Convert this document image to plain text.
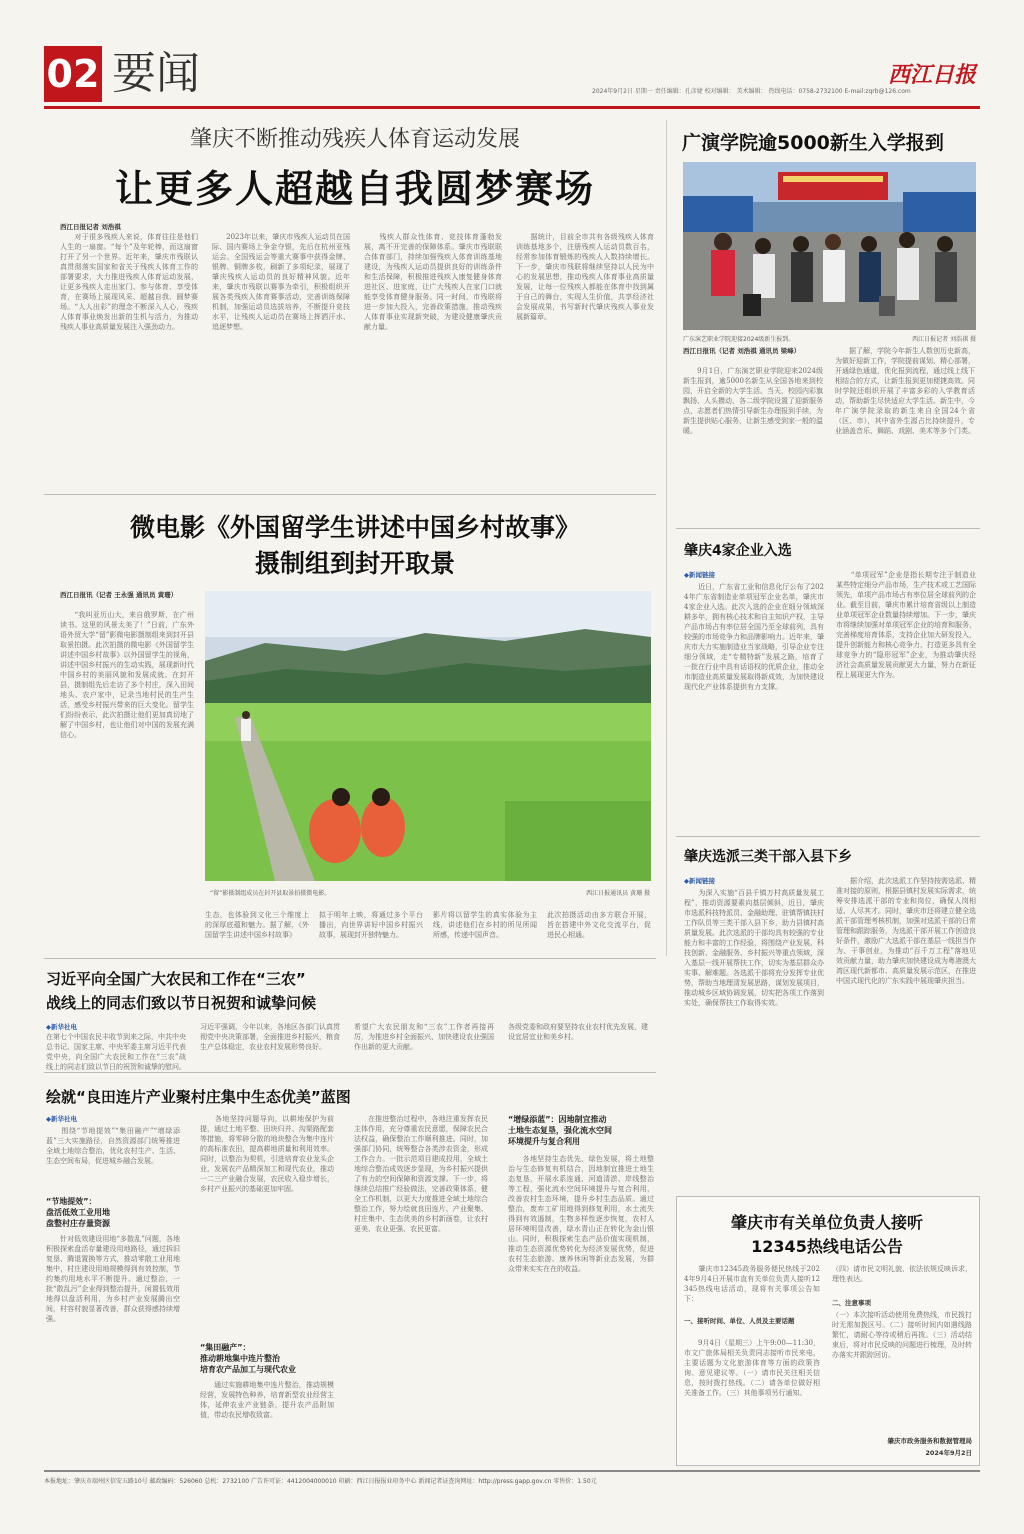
02 要闻	2024年9月2日 星期一 责任编辑：孔彦婕 校对编辑： 美术编辑： 热线电话：0758-2732100 E-mail:zqrb@126.com
西江日报
肇庆不断推动残疾人体育运动发展
让更多人超越自我圆梦赛场
西江日报记者 刘浩祺
　　对于很多残疾人来说，体育往往是他们人生的一扇窗。“每个”及年轮棒，而这扇窗打开了另一个世界。近年来，肇庆市残联认真贯彻落实国家和省关于残疾人体育工作的部署要求，大力推进残疾人体育运动发展，让更多残疾人走出家门、参与体育、享受体育，在赛场上展现风采、超越自我、圆梦赛场。“人人出彩”的理念不断深入人心，残疾人体育事业焕发出新的生机与活力，为推动残疾人事业高质量发展注入强劲动力。
　　2023年以来，肇庆市残疾人运动员在国际、国内赛场上争金夺银，先后在杭州亚残运会、全国残运会等重大赛事中获得金牌、银牌、铜牌多枚，刷新了多项纪录，展现了肇庆残疾人运动员的良好精神风貌。近年来，肇庆市残联以赛事为牵引，积极组织开展各类残疾人体育赛事活动，完善训练保障机制，加强运动员选拔培养，不断提升竞技水平，让残疾人运动员在赛场上挥洒汗水、追逐梦想。
　　残疾人群众性体育、竞技体育蓬勃发展，离不开完善的保障体系。肇庆市残联联合体育部门，持续加强残疾人体育训练基地建设，为残疾人运动员提供良好的训练条件和生活保障，积极推进残疾人康复健身体育进社区、进家庭，让广大残疾人在家门口就能享受体育健身服务。同一时间，市残联将进一步加大投入，完善政策措施，推动残疾人体育事业实现新突破，为建设健康肇庆贡献力量。
　　据统计，目前全市共有各级残疾人体育训练基地多个，注册残疾人运动员数百名，经常参加体育锻炼的残疾人人数持续增长。下一步，肇庆市残联将继续坚持以人民为中心的发展思想，推动残疾人体育事业高质量发展，让每一位残疾人都能在体育中找到属于自己的舞台，实现人生价值，共享经济社会发展成果，书写新时代肇庆残疾人事业发展新篇章。
广演学院逾5000新生入学报到
广东演艺职业学院迎接2024级新生报到。	西江日报记者 刘浩祺 摄
西江日报讯（记者 刘浩祺 通讯员 梁峰）
　　9月1日，广东演艺职业学院迎来2024级新生报到，逾5000名新生从全国各地来到校园，开启全新的大学生活。当天，校园内彩旗飘扬、人头攒动，各二级学院设置了迎新服务点，志愿者们热情引导新生办理报到手续，为新生提供贴心服务，让新生感受到家一般的温暖。
　　据了解，学院今年新生人数创历史新高，为做好迎新工作，学院提前谋划、精心部署，开通绿色通道，优化报到流程，通过线上线下相结合的方式，让新生报到更加便捷高效。同时学院还组织开展了丰富多彩的入学教育活动，帮助新生尽快适应大学生活。新生中，今年广演学院录取的新生来自全国24个省（区、市），其中省外生源占比持续提升，专业涵盖音乐、舞蹈、戏剧、美术等多个门类。
肇庆4家企业入选
◆新闻链接
　　近日，广东省工业和信息化厅公布了2024年广东省制造业单项冠军企业名单，肇庆市4家企业入选。此次入选的企业在细分领域深耕多年，拥有核心技术和自主知识产权，主导产品市场占有率位居全国乃至全球前列，具有较强的市场竞争力和品牌影响力。近年来，肇庆市大力实施制造业当家战略，引导企业专注细分领域，走“专精特新”发展之路，培育了一批在行业中具有话语权的优质企业，推动全市制造业高质量发展取得新成效，为加快建设现代化产业体系提供有力支撑。
　　“单项冠军”企业是指长期专注于制造业某些特定细分产品市场，生产技术或工艺国际领先，单项产品市场占有率位居全球前列的企业。截至目前，肇庆市累计培育省级以上制造业单项冠军企业数量持续增加。下一步，肇庆市将继续加强对单项冠军企业的培育和服务，完善梯度培育体系，支持企业加大研发投入，提升创新能力和核心竞争力，打造更多具有全球竞争力的“隐形冠军”企业，为推动肇庆经济社会高质量发展贡献更大力量，努力在新征程上展现更大作为。
肇庆选派三类干部入县下乡
◆新闻链接
　　为深入实施“百县千镇万村高质量发展工程”，推动资源要素向基层倾斜，近日，肇庆市选派科技特派员、金融助理、驻镇帮镇扶村工作队员等三类干部入县下乡，助力县镇村高质量发展。此次选派的干部均具有较强的专业能力和丰富的工作经验，将围绕产业发展、科技创新、金融服务、乡村振兴等重点领域，深入基层一线开展帮扶工作，切实为基层群众办实事、解难题。各选派干部将充分发挥专业优势，帮助当地理清发展思路，谋划发展项目，推动城乡区域协调发展，切实把各项工作落到实处，确保帮扶工作取得实效。
　　据介绍，此次选派工作坚持按需选派、精准对接的原则，根据县镇村发展实际需求，统筹安排选派干部的专业和岗位，确保人岗相适、人尽其才。同时，肇庆市还将建立健全选派干部管理考核机制，加强对选派干部的日常管理和跟踪服务，为选派干部开展工作创造良好条件，激励广大选派干部在基层一线担当作为、干事创业，为推动“百千万工程”落地见效贡献力量，助力肇庆加快建设成为粤港澳大湾区现代新都市、高质量发展示范区，在推进中国式现代化的广东实践中展现肇庆担当。
微电影《外国留学生讲述中国乡村故事》
摄制组到封开取景
西江日报讯（记者 王永强 通讯员 黄珊）
　　“我叫亚历山大，来自俄罗斯，在广州读书。这里的风景太美了！”日前，广东外语外贸大学“留”影微电影摄制组来到封开县取景拍摄。此次拍摄的微电影《外国留学生讲述中国乡村故事》以外国留学生的视角，讲述中国乡村振兴的生动实践，展现新时代中国乡村的美丽风貌和发展成就。在封开县，摄制组先后走访了多个村庄，深入田间地头、农户家中，记录当地村民的生产生活，感受乡村振兴带来的巨大变化。留学生们纷纷表示，此次拍摄让他们更加真切地了解了中国乡村，也让他们对中国的发展充满信心。
“留”影摄制组成员在封开县取景拍摄微电影。	西江日报通讯员 黄珊 摄
生态，也体验到文化三个维度上的深厚底蕴和魅力。据了解，《外国留学生讲述中国乡村故事》
拟于明年上映，将通过多个平台播出，向世界讲好中国乡村振兴故事，展现封开独特魅力。
影片将以留学生的真实体验为主线，讲述他们在乡村的所见所闻所感，传递中国声音。
此次拍摄活动由多方联合开展，旨在搭建中外文化交流平台，促进民心相通。
习近平向全国广大农民和工作在“三农”
战线上的同志们致以节日祝贺和诚挚问候
◆新华社电
在第七个中国农民丰收节到来之际，中共中央总书记、国家主席、中央军委主席习近平代表党中央，向全国广大农民和工作在“三农”战线上的同志们致以节日的祝贺和诚挚的慰问。
习近平强调，今年以来，各地区各部门认真贯彻党中央决策部署，全面推进乡村振兴，粮食生产总体稳定，农业农村发展形势良好。
希望广大农民朋友和“三农”工作者再接再厉，为推进乡村全面振兴、加快建设农业强国作出新的更大贡献。
各级党委和政府要坚持农业农村优先发展，建设宜居宜业和美乡村。
绘就“良田连片产业聚村庄集中生态优美”蓝图
◆新华社电
　　围绕“节地提效”“集田融产”“增绿添蓝”三大实施路径，自然资源部门统筹推进全域土地综合整治，优化农村生产、生活、生态空间布局，促进城乡融合发展。
“节地提效”：
盘活低效工业用地
盘整村庄存量资源
　　针对低效建设用地“多散乱”问题，各地积极探索盘活存量建设用地路径，通过拆旧复垦、腾退置换等方式，推动零散工业用地集中，村庄建设用地规模得到有效控制，节约集约用地水平不断提升。通过整治，一批“散乱污”企业得到整治提升，闲置低效用地得以盘活利用，为乡村产业发展腾出空间，村容村貌显著改善，群众获得感持续增强。
　　各地坚持问题导向，以耕地保护为前提，通过土地平整、田块归并、沟渠路配套等措施，将零碎分散的地块整合为集中连片的高标准农田，提高耕地质量和利用效率。同时，以整治为契机，引进培育农业龙头企业，发展农产品精深加工和现代农业，推动一二三产业融合发展，农民收入稳步增长，乡村产业振兴的基础更加牢固。
“集田融产”：
推动耕地集中连片整治
培育农产品加工与现代农业
　　通过实施耕地集中连片整治，推动规模经营，发展特色种养，培育新型农业经营主体，延伸农业产业链条，提升农产品附加值，带动农民增收致富。
　　在推进整治过程中，各地注重发挥农民主体作用，充分尊重农民意愿，保障农民合法权益，确保整治工作顺利推进。同时，加强部门协同，统筹整合各类涉农资金，形成工作合力。一批示范项目建成投用，全域土地综合整治成效逐步显现，为乡村振兴提供了有力的空间保障和资源支撑。下一步，将继续总结推广经验做法，完善政策体系，健全工作机制，以更大力度推进全域土地综合整治工作，努力绘就良田连片、产业聚集、村庄集中、生态优美的乡村新画卷，让农村更美、农业更强、农民更富。
“增绿添蓝”：因地制宜推动
土地生态复垦，强化流水空间
环境提升与复合利用
　　各地坚持生态优先、绿色发展，将土地整治与生态修复有机结合，因地制宜推进土地生态复垦，开展水系连通、河道清淤、岸线整治等工程，强化流水空间环境提升与复合利用，改善农村生态环境，提升乡村生态品质。通过整治，废弃工矿用地得到修复利用，水土流失得到有效遏制，生物多样性逐步恢复，农村人居环境明显改善，绿水青山正在转化为金山银山。同时，积极探索生态产品价值实现机制，推动生态资源优势转化为经济发展优势，促进农村生态旅游、康养休闲等新业态发展，为群众带来实实在在的收益。
肇庆市有关单位负责人接听
12345热线电话公告
　　肇庆市12345政务服务便民热线于2024年9月4日开展市直有关单位负责人接听12345热线电话活动，现将有关事项公告如下：
一、接听时间、单位、人员及主要话题
　　9月4日（星期三）上午9:00—11:30，市文广旅体局相关负责同志接听市民来电，主要话题为文化旅游体育等方面的政策咨询、意见建议等。（一）请市民关注相关信息，按时拨打热线。（二）请各单位做好相关准备工作。（三）其他事项另行通知。
（四）请市民文明礼貌、依法依规反映诉求，理性表达。
二、注意事项
（一）本次接听活动使用免费热线，市民拨打时无需加拨区号。（二）接听时间内如遇线路繁忙，请耐心等待或稍后再拨。（三）活动结束后，将对市民反映的问题进行梳理，及时转办落实并跟踪回访。
肇庆市政务服务和数据管理局
2024年9月2日
本报地址：肇庆市端州区信安五路10号 邮政编码：526060 总机：2732100 广告许可证：4412004000010 印刷：西江日报报业印务中心 新闻记者证查询网址：http://press.gapp.gov.cn 零售价：1.50元
